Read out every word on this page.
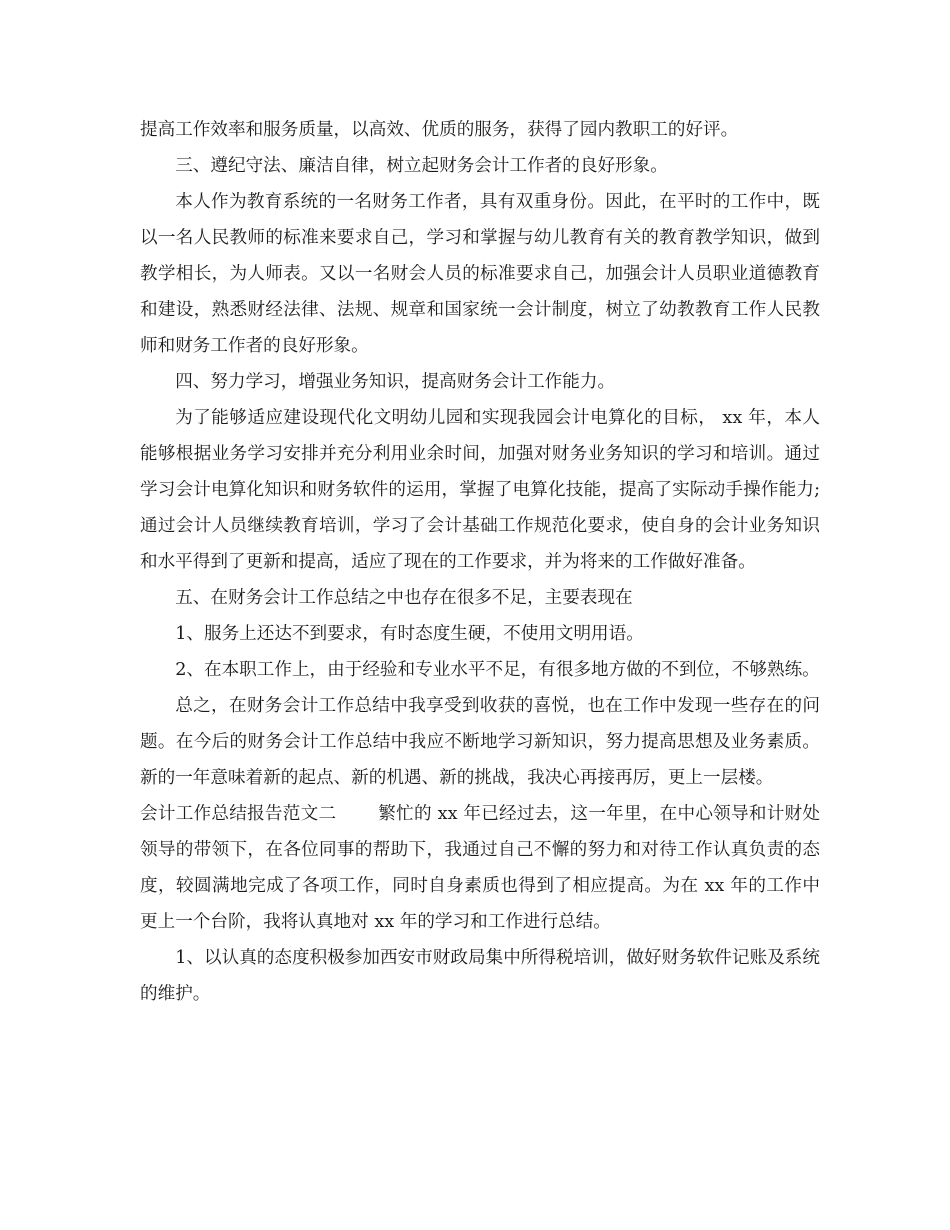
提高工作效率和服务质量，以高效、优质的服务，获得了园内教职工的好评。

三、遵纪守法、廉洁自律，树立起财务会计工作者的良好形象。

本人作为教育系统的一名财务工作者，具有双重身份。因此，在平时的工作中，既以一名人民教师的标准来要求自己，学习和掌握与幼儿教育有关的教育教学知识，做到教学相长，为人师表。又以一名财会人员的标准要求自己，加强会计人员职业道德教育和建设，熟悉财经法律、法规、规章和国家统一会计制度，树立了幼教教育工作人民教师和财务工作者的良好形象。

四、努力学习，增强业务知识，提高财务会计工作能力。

为了能够适应建设现代化文明幼儿园和实现我园会计电算化的目标， xx 年，本人能够根据业务学习安排并充分利用业余时间，加强对财务业务知识的学习和培训。通过学习会计电算化知识和财务软件的运用，掌握了电算化技能，提高了实际动手操作能力;通过会计人员继续教育培训，学习了会计基础工作规范化要求，使自身的会计业务知识和水平得到了更新和提高，适应了现在的工作要求，并为将来的工作做好准备。

五、在财务会计工作总结之中也存在很多不足，主要表现在

1、服务上还达不到要求，有时态度生硬，不使用文明用语。

2、在本职工作上，由于经验和专业水平不足，有很多地方做的不到位，不够熟练。

总之，在财务会计工作总结中我享受到收获的喜悦，也在工作中发现一些存在的问题。在今后的财务会计工作总结中我应不断地学习新知识，努力提高思想及业务素质。新的一年意味着新的起点、新的机遇、新的挑战，我决心再接再厉，更上一层楼。

会计工作总结报告范文二 繁忙的 xx 年已经过去，这一年里，在中心领导和计财处领导的带领下，在各位同事的帮助下，我通过自己不懈的努力和对待工作认真负责的态度，较圆满地完成了各项工作，同时自身素质也得到了相应提高。为在 xx 年的工作中更上一个台阶，我将认真地对 xx 年的学习和工作进行总结。

1、以认真的态度积极参加西安市财政局集中所得税培训，做好财务软件记账及系统的维护。
